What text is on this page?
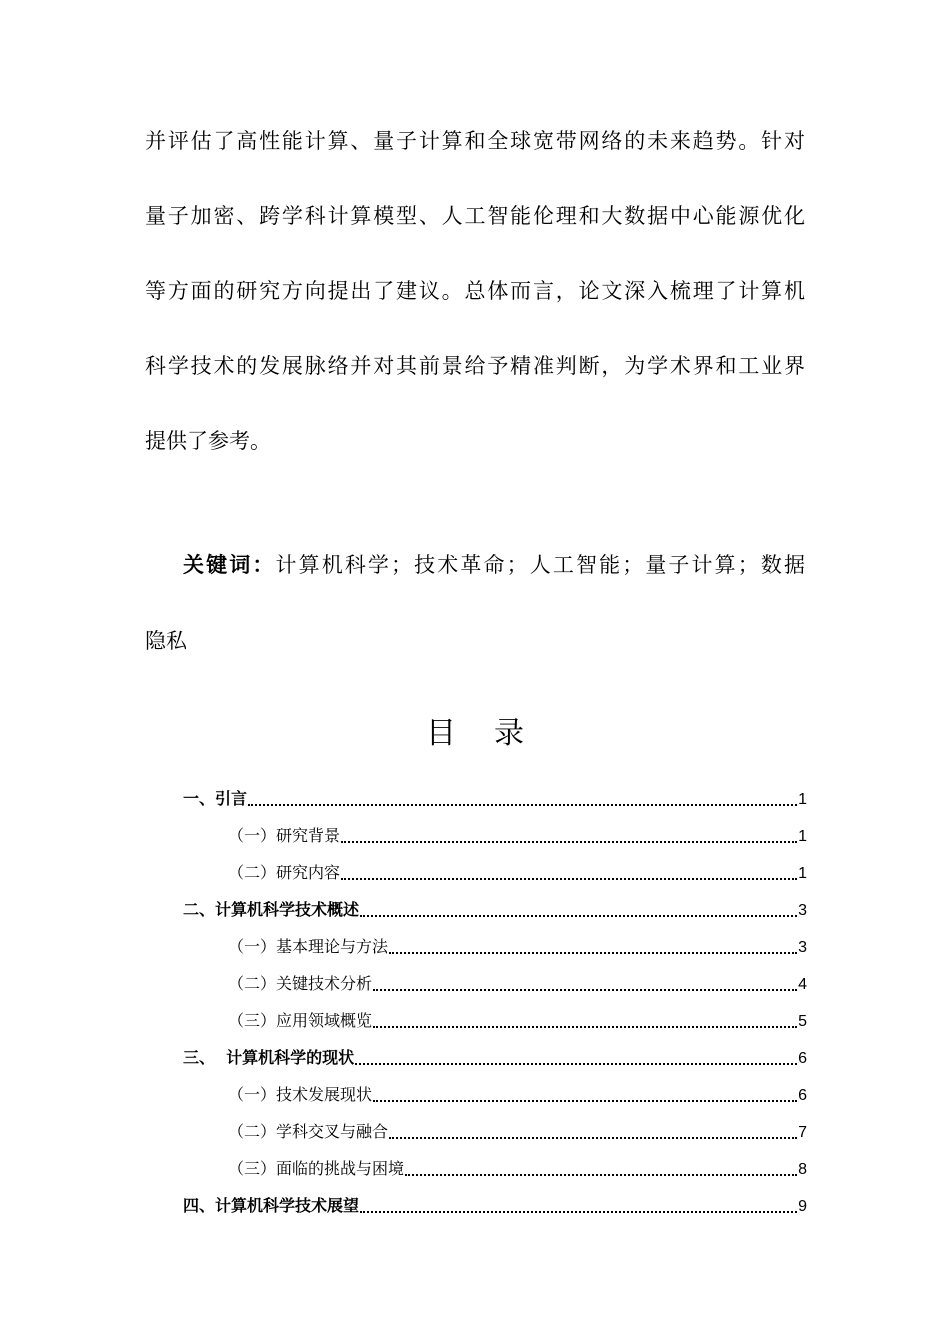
并评估了高性能计算、量子计算和全球宽带网络的未来趋势。针对
量子加密、跨学科计算模型、人工智能伦理和大数据中心能源优化
等方面的研究方向提出了建议。总体而言，论文深入梳理了计算机
科学技术的发展脉络并对其前景给予精准判断，为学术界和工业界
提供了参考。
关键词：计算机科学；技术革命；人工智能；量子计算；数据
隐私
目录
一、引言	1
（一）研究背景	1
（二）研究内容	1
二、计算机科学技术概述	3
（一）基本理论与方法	3
（二）关键技术分析	4
（三）应用领域概览	5
三、  计算机科学的现状	6
（一）技术发展现状	6
（二）学科交叉与融合	7
（三）面临的挑战与困境	8
四、计算机科学技术展望	9
